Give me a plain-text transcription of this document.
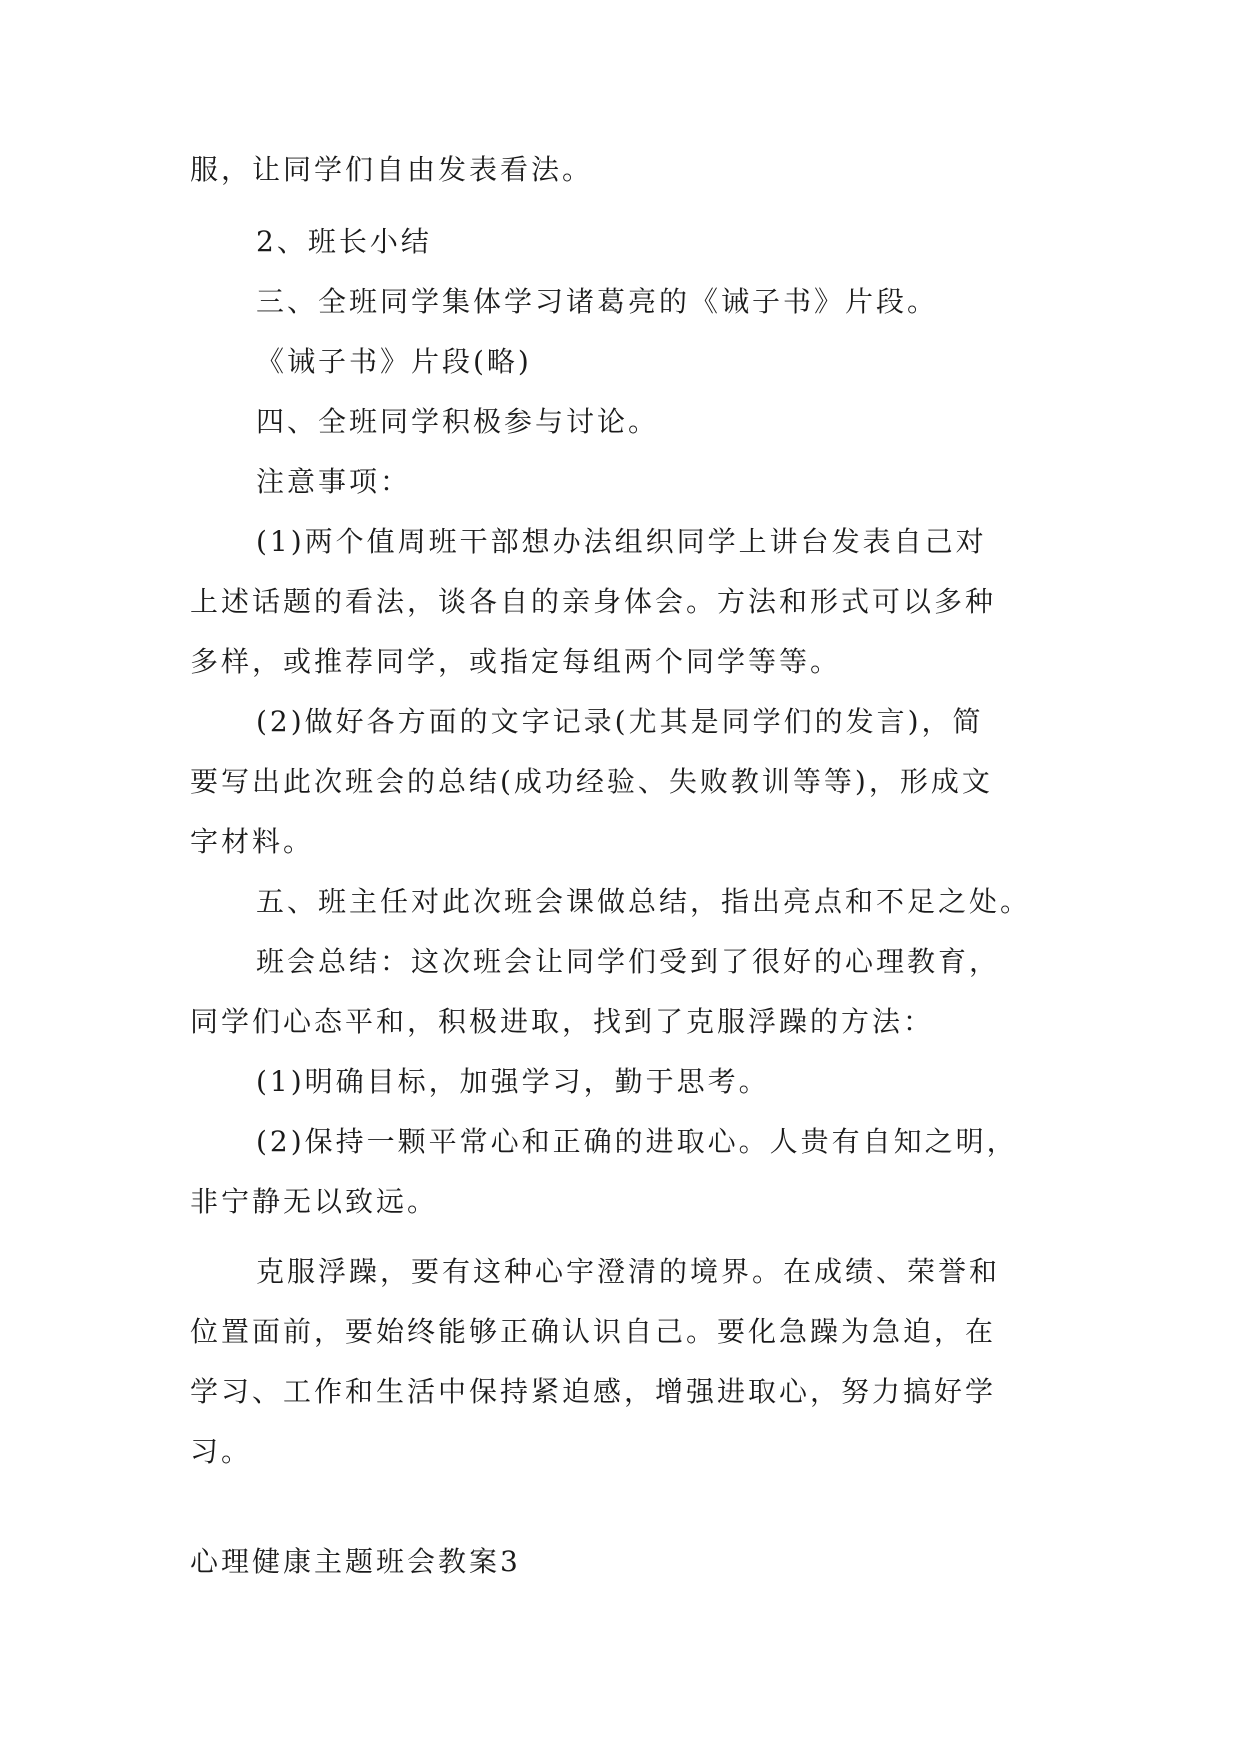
服，让同学们自由发表看法。
2、班长小结
三、全班同学集体学习诸葛亮的《诫子书》片段。
《诫子书》片段(略)
四、全班同学积极参与讨论。
注意事项：
(1)两个值周班干部想办法组织同学上讲台发表自己对
上述话题的看法，谈各自的亲身体会。方法和形式可以多种
多样，或推荐同学，或指定每组两个同学等等。
(2)做好各方面的文字记录(尤其是同学们的发言)，简
要写出此次班会的总结(成功经验、失败教训等等)，形成文
字材料。
五、班主任对此次班会课做总结，指出亮点和不足之处。
班会总结：这次班会让同学们受到了很好的心理教育，
同学们心态平和，积极进取，找到了克服浮躁的方法：
(1)明确目标，加强学习，勤于思考。
(2)保持一颗平常心和正确的进取心。人贵有自知之明，
非宁静无以致远。
克服浮躁，要有这种心宇澄清的境界。在成绩、荣誉和
位置面前，要始终能够正确认识自己。要化急躁为急迫，在
学习、工作和生活中保持紧迫感，增强进取心，努力搞好学
习。
心理健康主题班会教案3
